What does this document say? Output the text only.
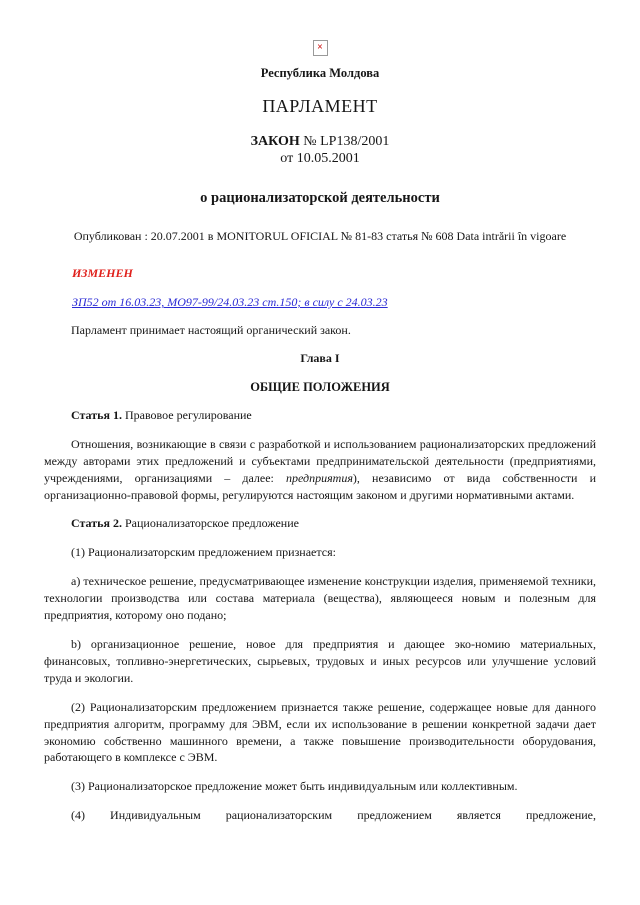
×
Республика Молдова
ПАРЛАМЕНТ
ЗАКОН № LP138/2001
от 10.05.2001
о рационализаторской деятельности
Опубликован : 20.07.2001 в MONITORUL OFICIAL № 81-83 статья № 608 Data intrării în vigoare
ИЗМЕНЕН
ЗП52 от 16.03.23, МО97-99/24.03.23 ст.150; в силу с 24.03.23
Парламент принимает настоящий органический закон.
Глава I
ОБЩИЕ ПОЛОЖЕНИЯ
Статья 1. Правовое регулирование
Отношения, возникающие в связи с разработкой и использованием рационализаторских предложений между авторами этих предложений и субъектами предпринимательской деятельности (предприятиями, учреждениями, организациями – далее: предприятия), независимо от вида собственности и организационно-правовой формы, регулируются настоящим законом и другими нормативными актами.
Статья 2. Рационализаторское предложение
(1) Рационализаторским предложением признается:
а) техническое решение, предусматривающее изменение конструкции изделия, применяемой техники, технологии производства или состава материала (вещества), являющееся новым и полезным для предприятия, которому оно подано;
b) организационное решение, новое для предприятия и дающее эко-номию материальных, финансовых, топливно-энергетических, сырьевых, трудовых и иных ресурсов или улучшение условий труда и экологии.
(2) Рационализаторским предложением признается также решение, содержащее новые для данного предприятия алгоритм, программу для ЭВМ, если их использование в решении конкретной задачи дает экономию собственно машинного времени, а также повышение производительности оборудования, работающего в комплексе с ЭВМ.
(3) Рационализаторское предложение может быть индивидуальным или коллективным.
(4) Индивидуальным рационализаторским предложением является предложение,
